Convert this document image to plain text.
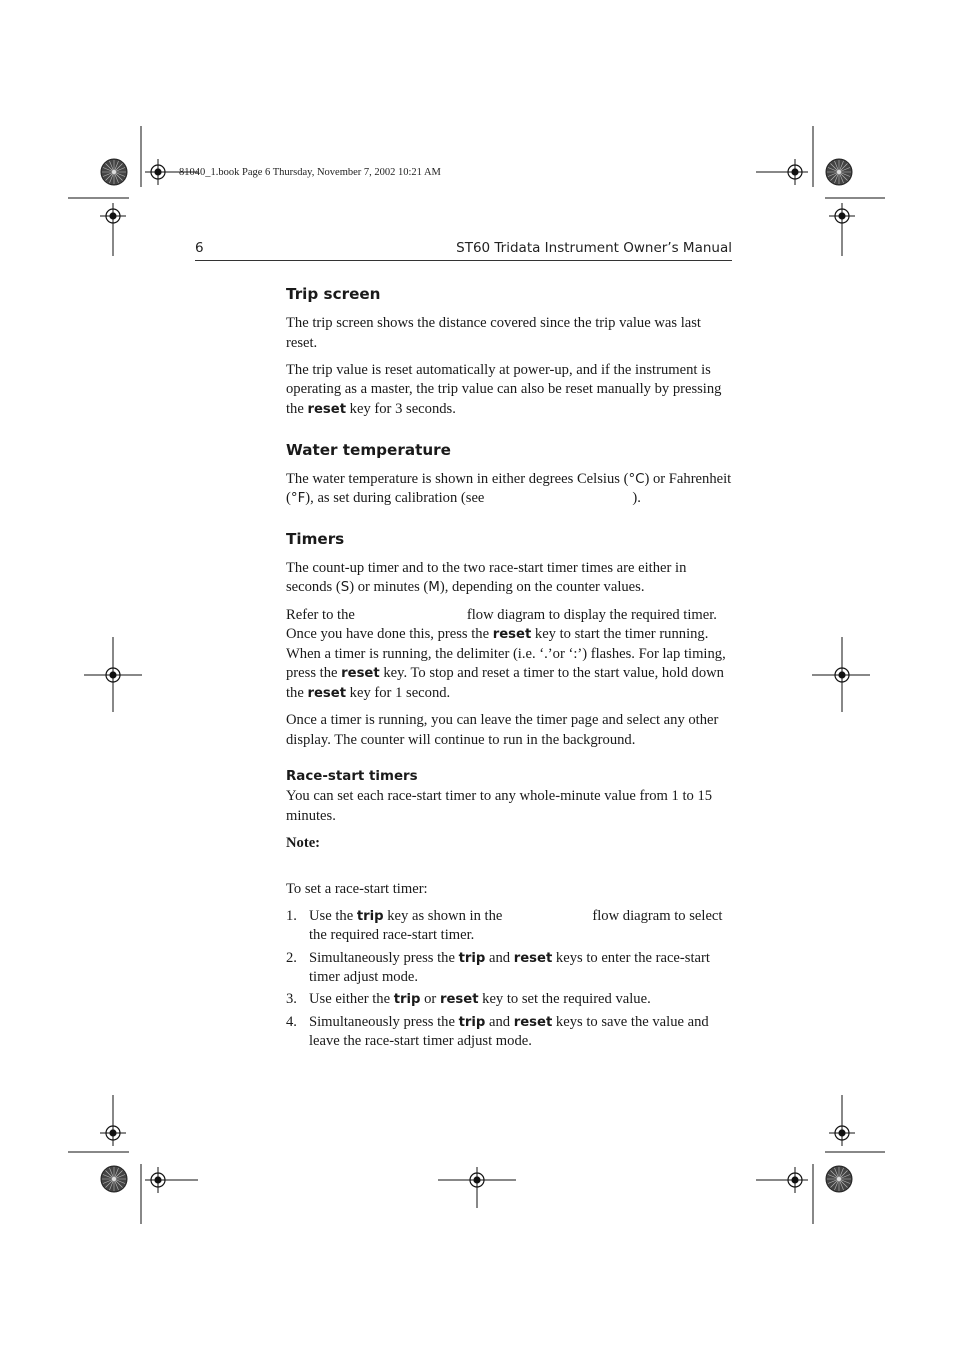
81040_1.book Page 6 Thursday, November 7, 2002 10:21 AM
6	ST60 Tridata Instrument Owner’s Manual
Trip screen

The trip screen shows the distance covered since the trip value was last reset.

The trip value is reset automatically at power-up, and if the instrument is operating as a master, the trip value can also be reset manually by pressing the reset key for 3 seconds.

Water temperature

The water temperature is shown in either degrees Celsius (°C) or Fahrenheit (°F), as set during calibration (see	).

Timers

The count-up timer and to the two race-start timer times are either in seconds (S) or minutes (M), depending on the counter values.

Refer to the	flow diagram to display the required timer. Once you have done this, press the reset key to start the timer running. When a timer is running, the delimiter (i.e. ‘.’or ‘:’) flashes. For lap timing, press the reset key. To stop and reset a timer to the start value, hold down the reset key for 1 second.

Once a timer is running, you can leave the timer page and select any other display. The counter will continue to run in the background.

Race-start timers

You can set each race-start timer to any whole-minute value from 1 to 15 minutes.

Note:

To set a race-start timer:

1. Use the trip key as shown in the	flow diagram to select the required race-start timer.
2. Simultaneously press the trip and reset keys to enter the race-start timer adjust mode.
3. Use either the trip or reset key to set the required value.
4. Simultaneously press the trip and reset keys to save the value and leave the race-start timer adjust mode.
